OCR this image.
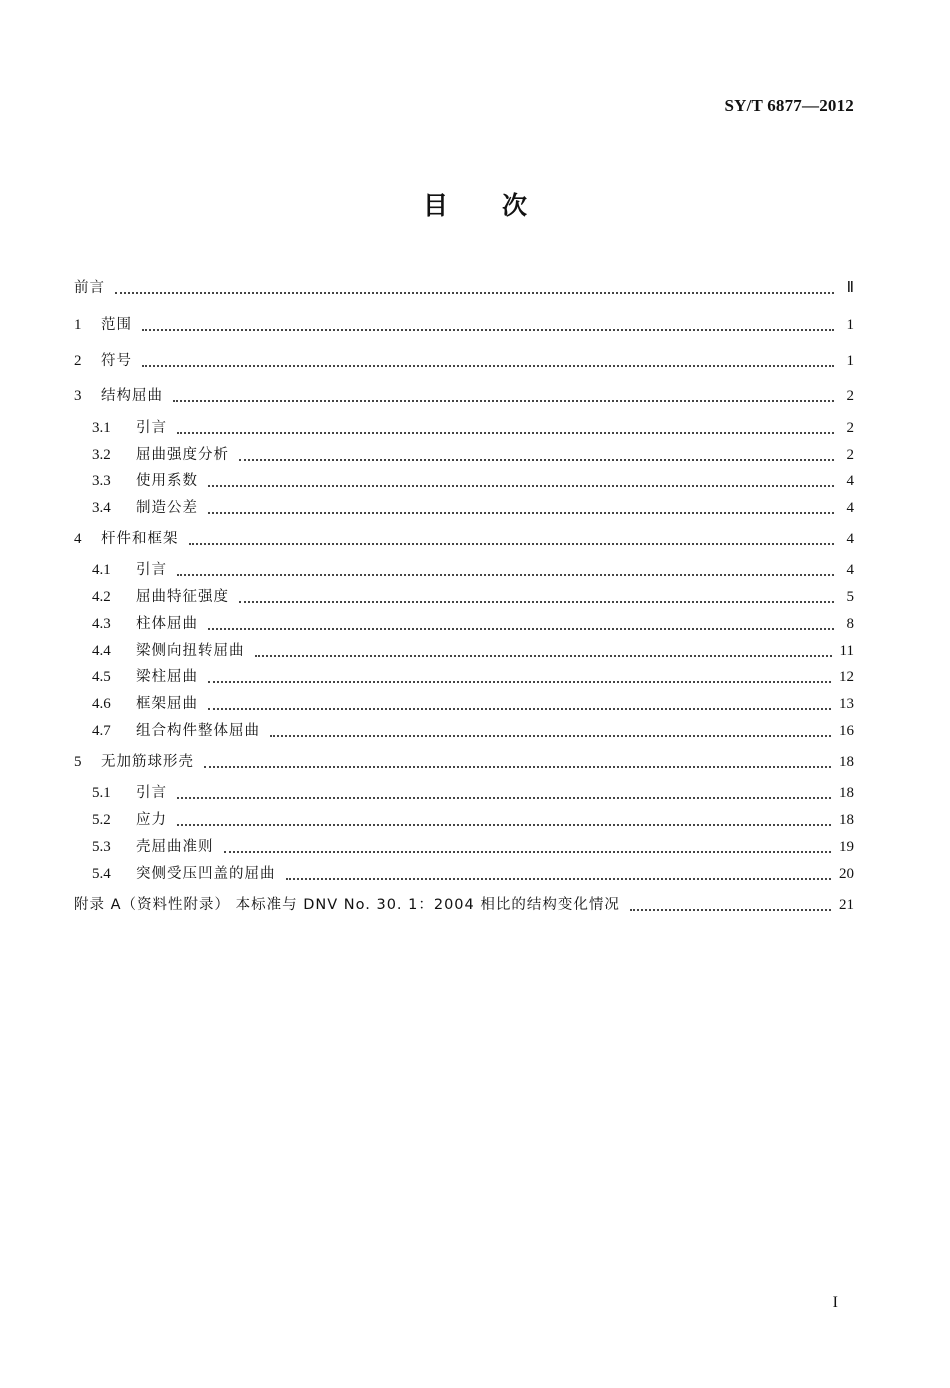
SY/T 6877—2012
目 次
前言	Ⅱ
1	范围	1
2	符号	1
3	结构屈曲	2
3.1	引言	2
3.2	屈曲强度分析	2
3.3	使用系数	4
3.4	制造公差	4
4	杆件和框架	4
4.1	引言	4
4.2	屈曲特征强度	5
4.3	柱体屈曲	8
4.4	梁侧向扭转屈曲	11
4.5	梁柱屈曲	12
4.6	框架屈曲	13
4.7	组合构件整体屈曲	16
5	无加筋球形壳	18
5.1	引言	18
5.2	应力	18
5.3	壳屈曲准则	19
5.4	突侧受压凹盖的屈曲	20
附录 A（资料性附录） 本标准与 DNV No. 30. 1：2004 相比的结构变化情况	21
I
